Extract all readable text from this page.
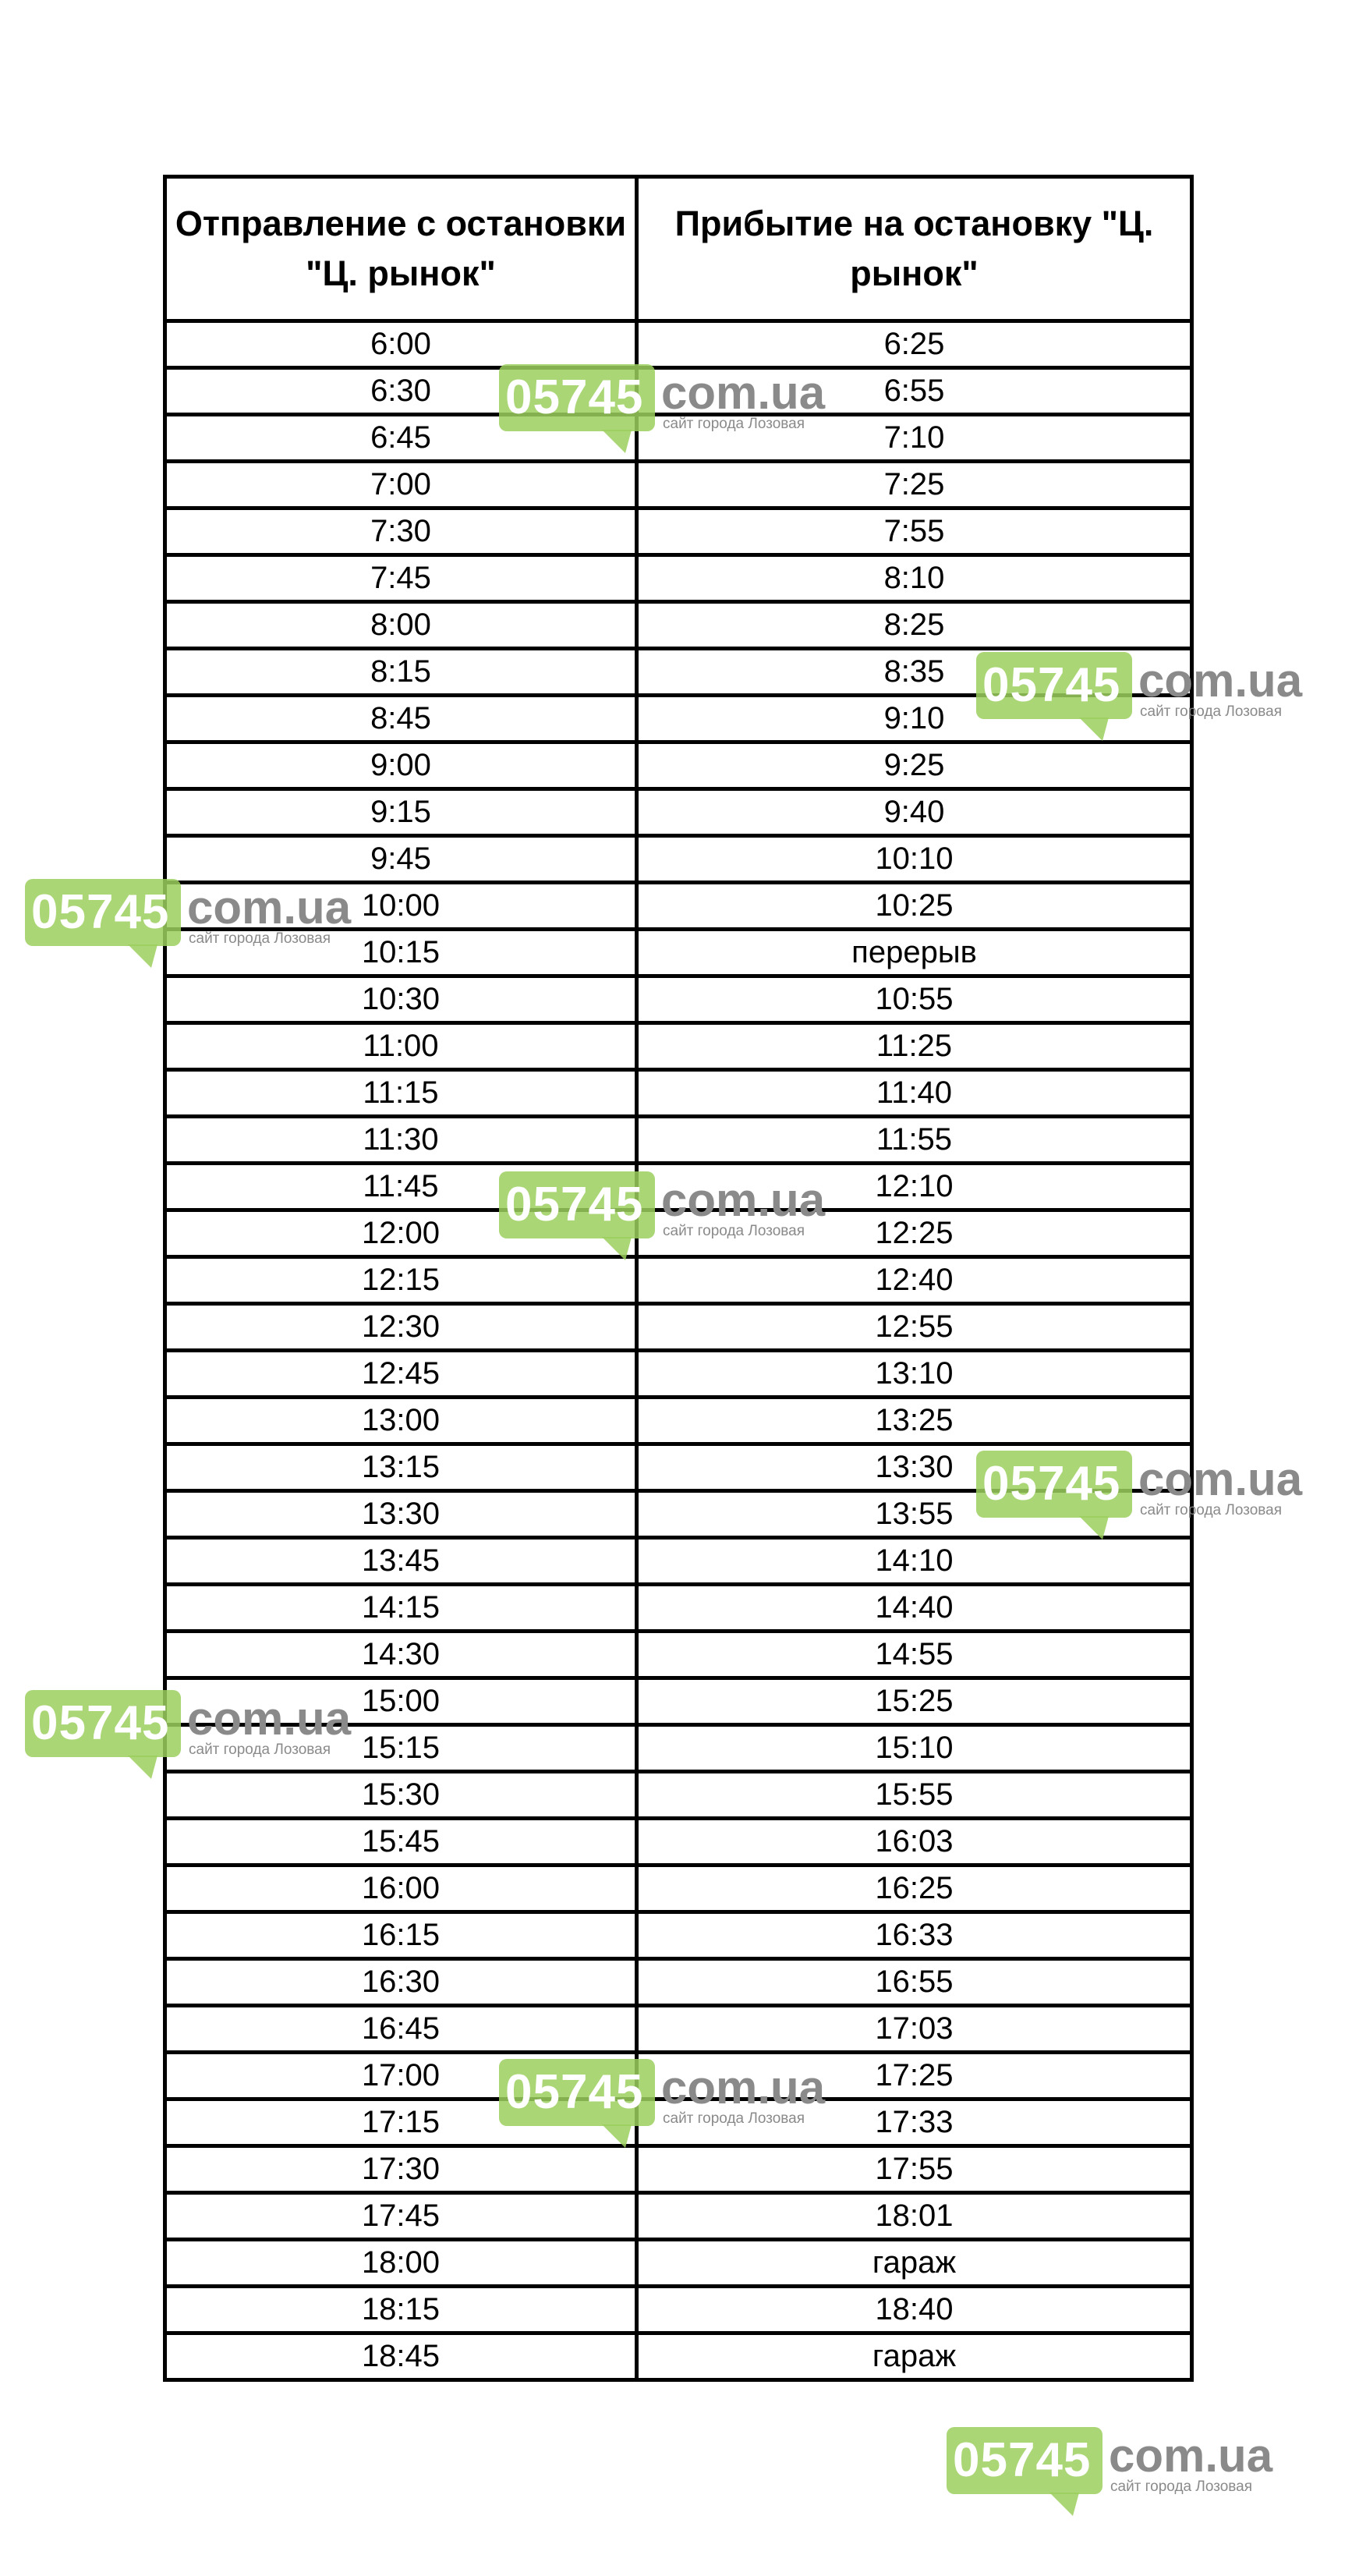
Отправление с остановки "Ц. рынок"	Прибытие на остановку "Ц. рынок"
6:00	6:25
6:30	6:55
6:45	7:10
7:00	7:25
7:30	7:55
7:45	8:10
8:00	8:25
8:15	8:35
8:45	9:10
9:00	9:25
9:15	9:40
9:45	10:10
10:00	10:25
10:15	перерыв
10:30	10:55
11:00	11:25
11:15	11:40
11:30	11:55
11:45	12:10
12:00	12:25
12:15	12:40
12:30	12:55
12:45	13:10
13:00	13:25
13:15	13:30
13:30	13:55
13:45	14:10
14:15	14:40
14:30	14:55
15:00	15:25
15:15	15:10
15:30	15:55
15:45	16:03
16:00	16:25
16:15	16:33
16:30	16:55
16:45	17:03
17:00	17:25
17:15	17:33
17:30	17:55
17:45	18:01
18:00	гараж
18:15	18:40
18:45	гараж
05745 com.ua
сайт города Лозовая
05745 com.ua
сайт города Лозовая
05745 com.ua
сайт города Лозовая
05745 com.ua
сайт города Лозовая
05745 com.ua
сайт города Лозовая
05745 com.ua
сайт города Лозовая
05745 com.ua
сайт города Лозовая
05745 com.ua
сайт города Лозовая
